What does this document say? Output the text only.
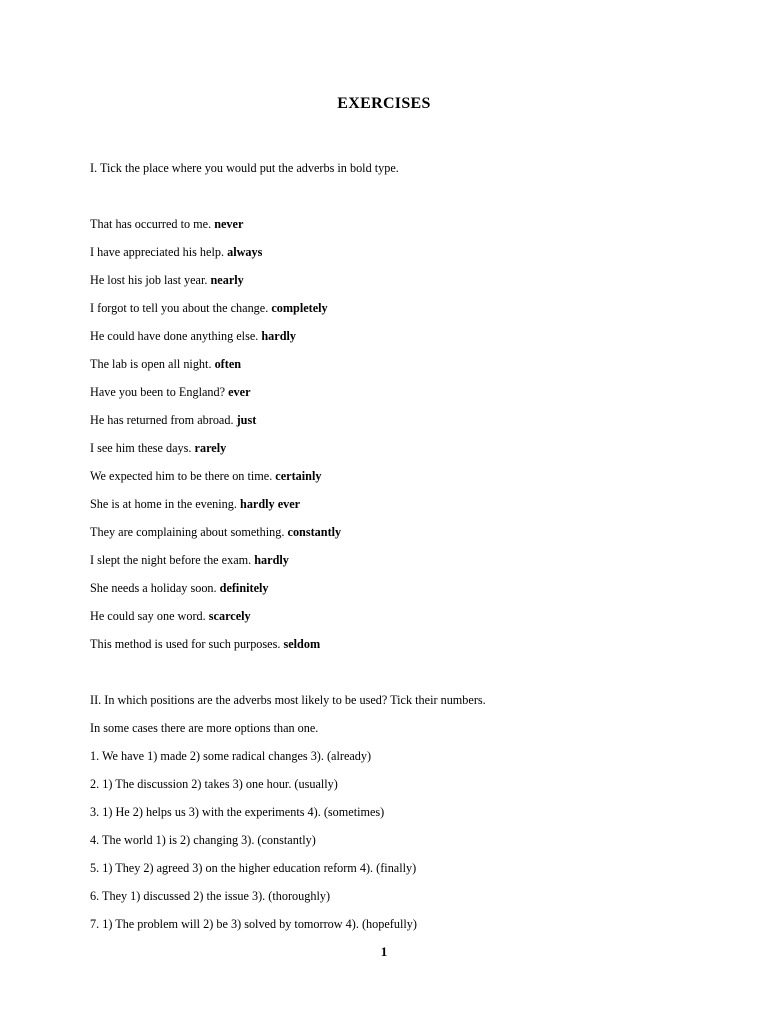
EXERCISES
I. Tick the place where you would put the adverbs in bold type.
That has occurred to me. never
I have appreciated his help. always
He lost his job last year. nearly
I forgot to tell you about the change. completely
He could have done anything else. hardly
The lab is open all night. often
Have you been to England? ever
He has returned from abroad. just
I see him these days. rarely
We expected him to be there on time. certainly
She is at home in the evening. hardly ever
They are complaining about something. constantly
I slept the night before the exam. hardly
She needs a holiday soon. definitely
He could say one word. scarcely
This method is used for such purposes. seldom
II. In which positions are the adverbs most likely to be used? Tick their numbers.
In some cases there are more options than one.
1. We have 1) made 2) some radical changes 3). (already)
2. 1) The discussion 2) takes 3) one hour. (usually)
3. 1) He 2) helps us 3) with the experiments 4). (sometimes)
4. The world 1) is 2) changing 3). (constantly)
5. 1) They 2) agreed 3) on the higher education reform 4). (finally)
6. They 1) discussed 2) the issue 3). (thoroughly)
7. 1) The problem will 2) be 3) solved by tomorrow 4). (hopefully)
1
